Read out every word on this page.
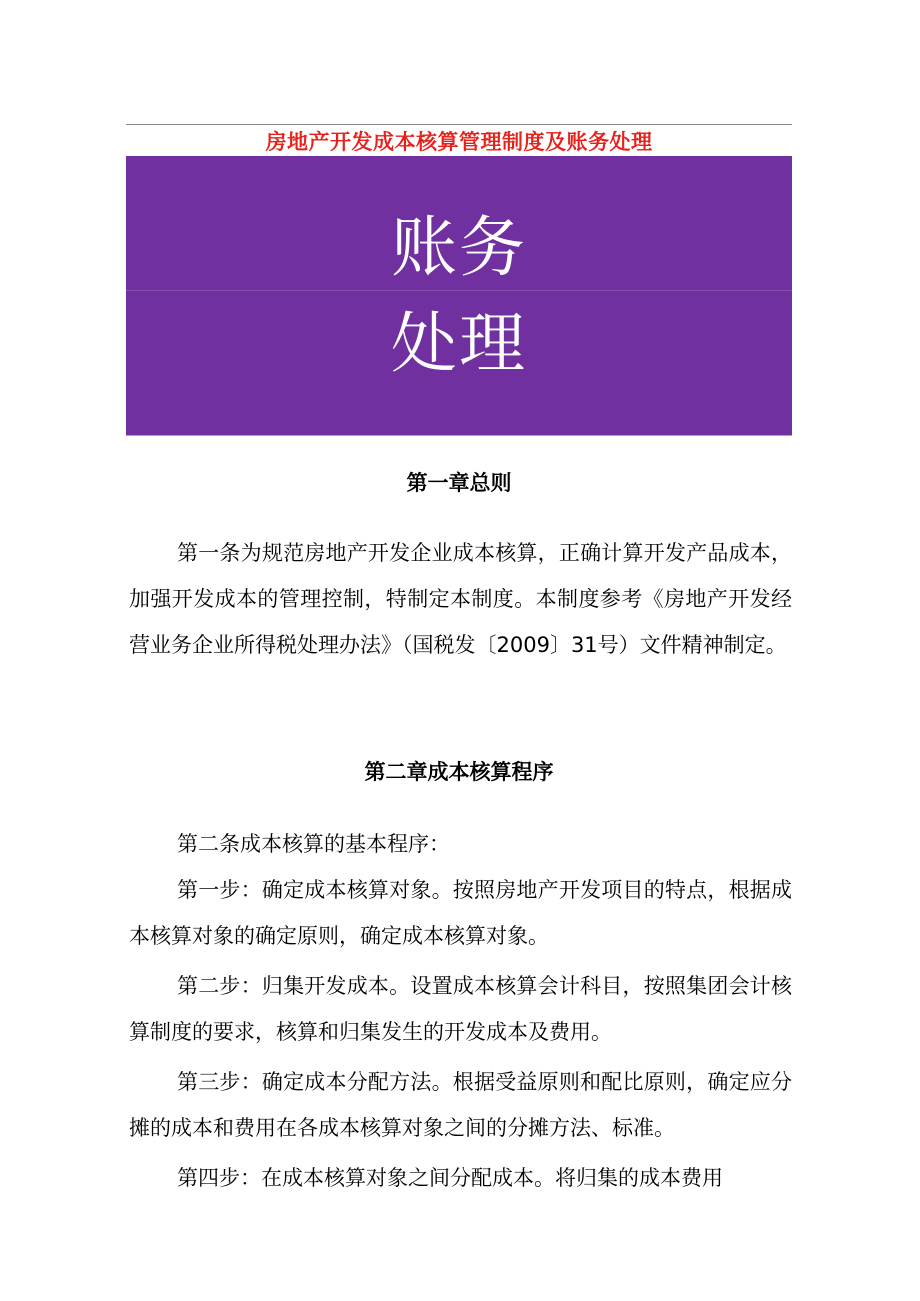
房地产开发成本核算管理制度及账务处理
账务
处理
第一章总则

第一条为规范房地产开发企业成本核算，正确计算开发产品成本，加强开发成本的管理控制，特制定本制度。本制度参考《房地产开发经营业务企业所得税处理办法》（国税发〔2009〕31号）文件精神制定。

第二章成本核算程序

第二条成本核算的基本程序：

第一步：确定成本核算对象。按照房地产开发项目的特点，根据成本核算对象的确定原则，确定成本核算对象。

第二步：归集开发成本。设置成本核算会计科目，按照集团会计核算制度的要求，核算和归集发生的开发成本及费用。

第三步：确定成本分配方法。根据受益原则和配比原则，确定应分摊的成本和费用在各成本核算对象之间的分摊方法、标准。

第四步：在成本核算对象之间分配成本。将归集的成本费用
